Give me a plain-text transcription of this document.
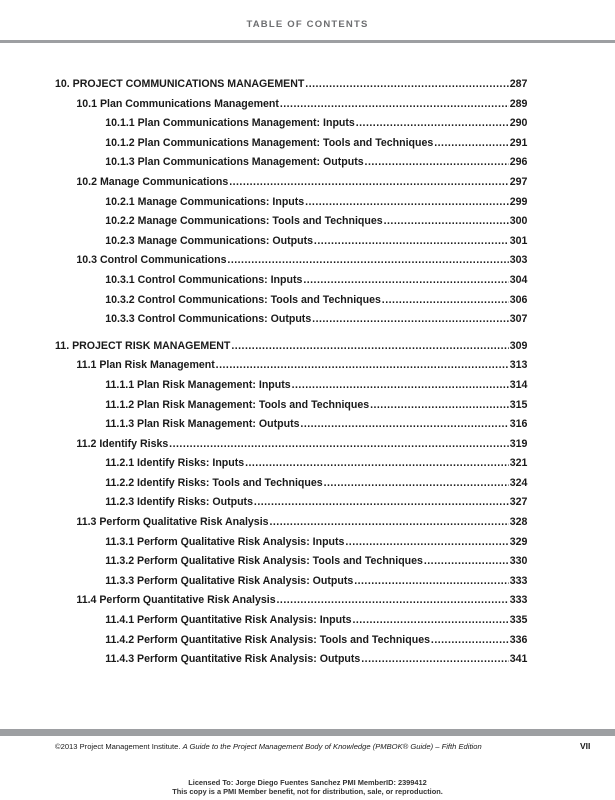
TABLE OF CONTENTS
10. PROJECT COMMUNICATIONS MANAGEMENT .....	287
10.1 Plan Communications Management .....	289
10.1.1 Plan Communications Management: Inputs .....	290
10.1.2 Plan Communications Management: Tools and Techniques .....	291
10.1.3 Plan Communications Management: Outputs .....	296
10.2 Manage Communications .....	297
10.2.1 Manage Communications: Inputs .....	299
10.2.2 Manage Communications: Tools and Techniques .....	300
10.2.3 Manage Communications: Outputs .....	301
10.3 Control Communications .....	303
10.3.1 Control Communications: Inputs .....	304
10.3.2 Control Communications: Tools and Techniques .....	306
10.3.3 Control Communications: Outputs .....	307
11. PROJECT RISK MANAGEMENT .....	309
11.1 Plan Risk Management .....	313
11.1.1 Plan Risk Management: Inputs .....	314
11.1.2 Plan Risk Management: Tools and Techniques .....	315
11.1.3 Plan Risk Management: Outputs .....	316
11.2 Identify Risks .....	319
11.2.1 Identify Risks: Inputs .....	321
11.2.2 Identify Risks: Tools and Techniques .....	324
11.2.3 Identify Risks: Outputs .....	327
11.3 Perform Qualitative Risk Analysis .....	328
11.3.1 Perform Qualitative Risk Analysis: Inputs .....	329
11.3.2 Perform Qualitative Risk Analysis: Tools and Techniques .....	330
11.3.3 Perform Qualitative Risk Analysis: Outputs .....	333
11.4 Perform Quantitative Risk Analysis .....	333
11.4.1 Perform Quantitative Risk Analysis: Inputs .....	335
11.4.2 Perform Quantitative Risk Analysis: Tools and Techniques .....	336
11.4.3 Perform Quantitative Risk Analysis: Outputs .....	341
©2013 Project Management Institute. A Guide to the Project Management Body of Knowledge (PMBOK® Guide) – Fifth Edition	VII
Licensed To: Jorge Diego Fuentes Sanchez PMI MemberID: 2399412
This copy is a PMI Member benefit, not for distribution, sale, or reproduction.
